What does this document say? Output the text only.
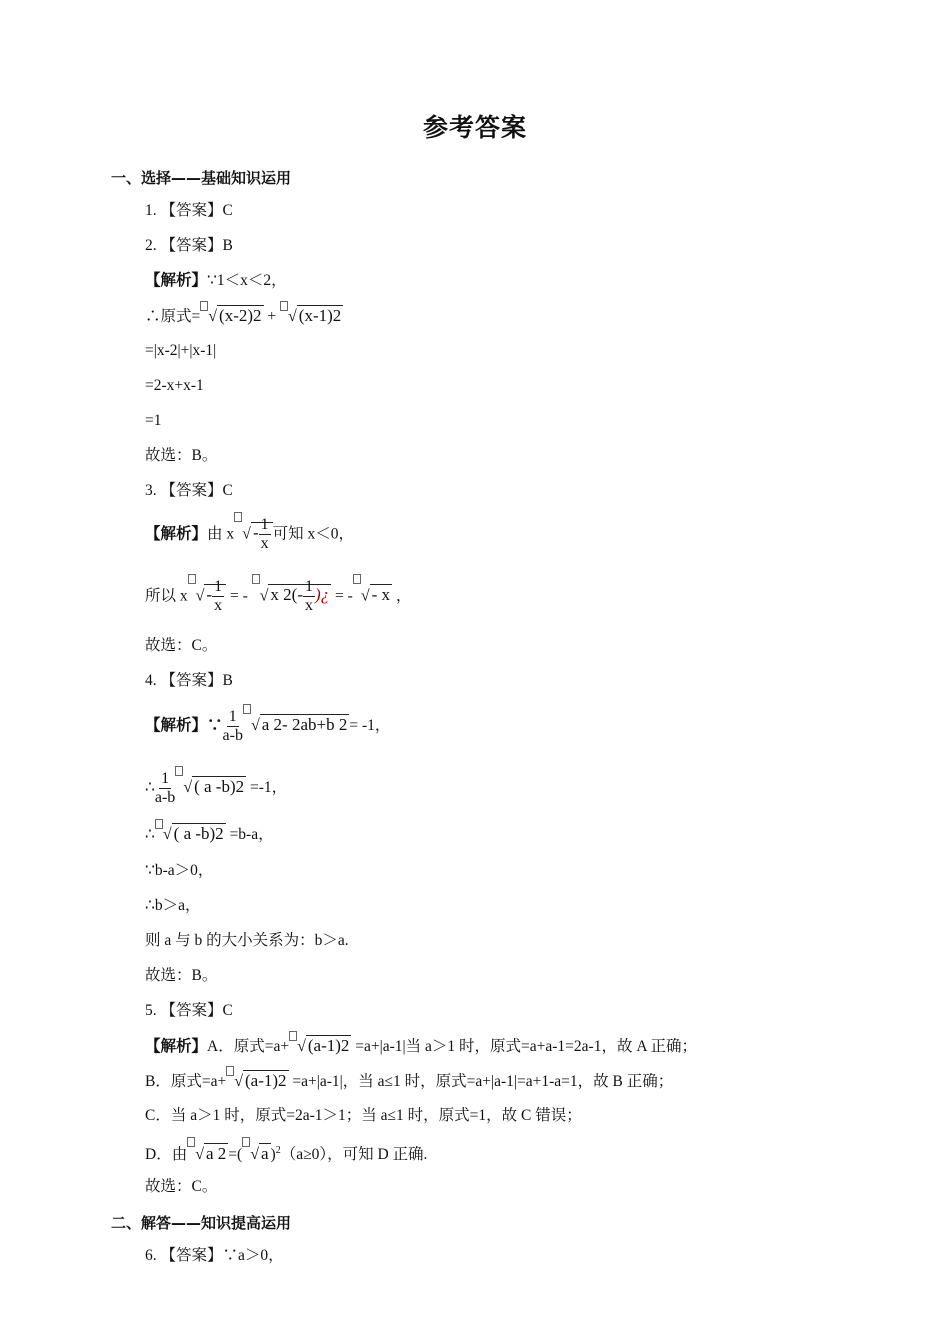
参考答案
一、选择——基础知识运用
1. 【答案】C
2. 【答案】B
【解析】∵1＜x＜2，
∴原式= √ (x-2)2 + √ (x-1)2
=|x-2|+|x-1|
=2-x+x-1
=1
故选：B。
3. 【答案】C
【解析】由 x √ - $\frac{1}{x}$ 可知 x＜0，
所以 x √ - $\frac{1}{x}$ = - √ x $2(- \frac{1}{x}$ )¿ = - √ - x ，
故选：C。
4. 【答案】B
【解析】∵ $\frac{1}{a-b}$ √ a 2- 2ab+b 2 = -1，
∴ $\frac{1}{a-b}$ √ ( a -b)2 =-1，
∴ √ ( a -b)2 =b-a，
∵b-a＞0，
∴b＞a，
则 a 与 b 的大小关系为：b＞a.
故选：B。
5. 【答案】C
【解析】A．原式=a+ √ (a-1)2 =a+|a-1|当 a＞1 时，原式=a+a-1=2a-1，故 A 正确；
B．原式=a+ √ (a-1)2 =a+|a-1|，当 a≤1 时，原式=a+|a-1|=a+1-a=1，故 B 正确；
C．当 a＞1 时，原式=2a-1＞1；当 a≤1 时，原式=1，故 C 错误；
D．由 √ a 2 =( √ a )$^2$（a≥0），可知 D 正确.
故选：C。
二、解答——知识提高运用
6. 【答案】∵a＞0，
